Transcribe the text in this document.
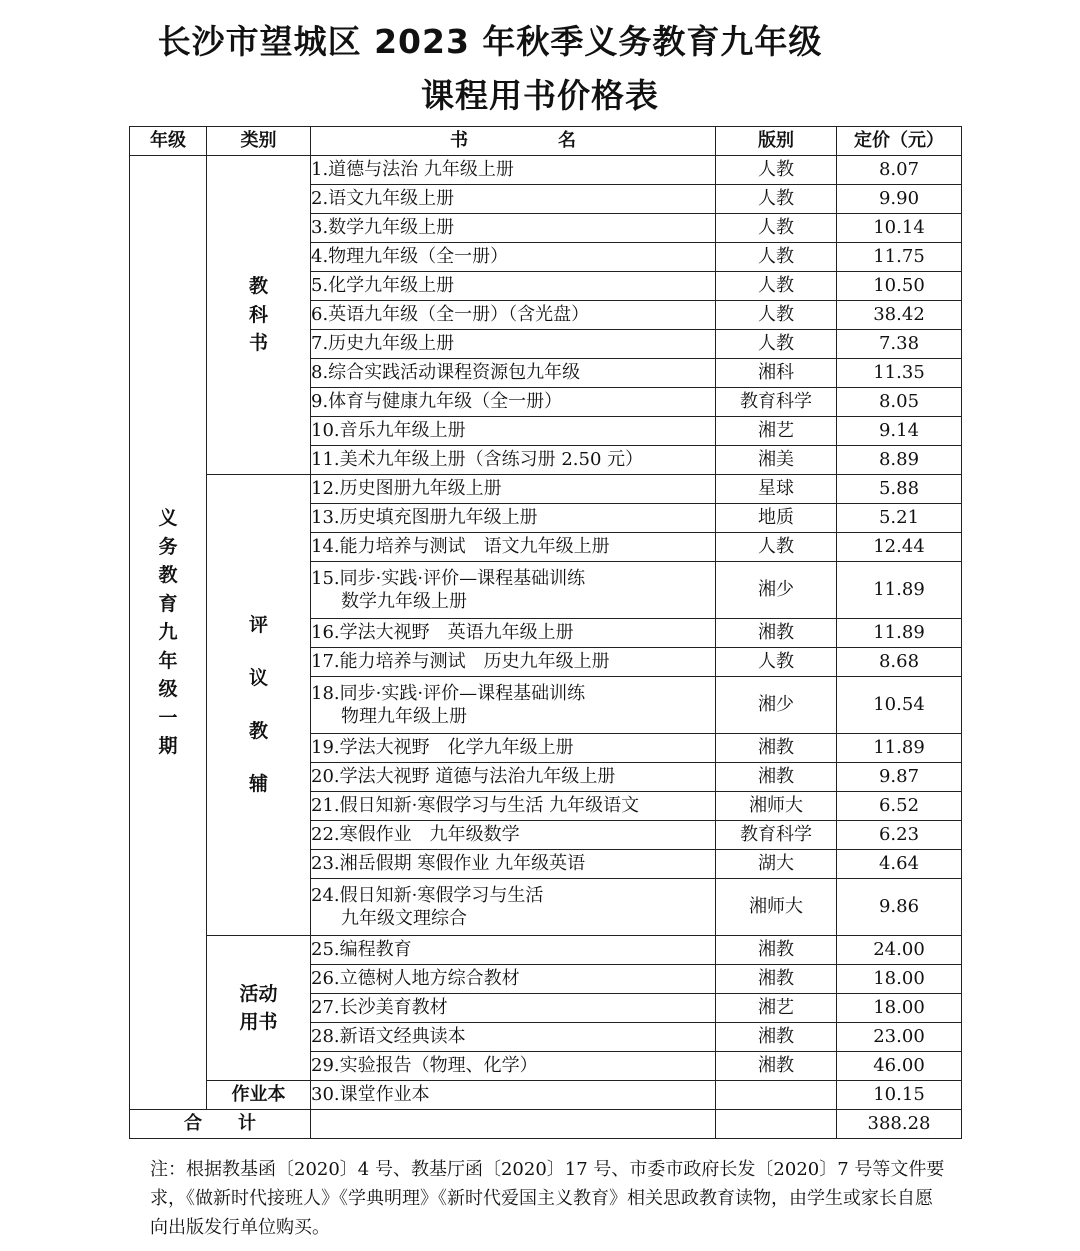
长沙市望城区 2023 年秋季义务教育九年级
课程用书价格表
年级	类别	书　　　　　名	版别	定价（元）
义务教育九年级一期	教科书	1.道德与法治 九年级上册	人教	8.07
		2.语文九年级上册	人教	9.90
		3.数学九年级上册	人教	10.14
		4.物理九年级（全一册）	人教	11.75
		5.化学九年级上册	人教	10.50
		6.英语九年级（全一册）（含光盘）	人教	38.42
		7.历史九年级上册	人教	7.38
		8.综合实践活动课程资源包九年级	湘科	11.35
		9.体育与健康九年级（全一册）	教育科学	8.05
		10.音乐九年级上册	湘艺	9.14
		11.美术九年级上册（含练习册 2.50 元）	湘美	8.89
	评议教辅	12.历史图册九年级上册	星球	5.88
		13.历史填充图册九年级上册	地质	5.21
		14.能力培养与测试　语文九年级上册	人教	12.44
		15.同步·实践·评价—课程基础训练
数学九年级上册	湘少	11.89
		16.学法大视野　英语九年级上册	湘教	11.89
		17.能力培养与测试　历史九年级上册	人教	8.68
		18.同步·实践·评价—课程基础训练
物理九年级上册	湘少	10.54
		19.学法大视野　化学九年级上册	湘教	11.89
		20.学法大视野 道德与法治九年级上册	湘教	9.87
		21.假日知新·寒假学习与生活 九年级语文	湘师大	6.52
		22.寒假作业　九年级数学	教育科学	6.23
		23.湘岳假期 寒假作业 九年级英语	湖大	4.64
		24.假日知新·寒假学习与生活
九年级文理综合	湘师大	9.86
	活动用书	25.编程教育	湘教	24.00
		26.立德树人地方综合教材	湘教	18.00
		27.长沙美育教材	湘艺	18.00
		28.新语文经典读本	湘教	23.00
		29.实验报告（物理、化学）	湘教	46.00
	作业本	30.课堂作业本		10.15
合　　计				388.28

注：根据教基函〔2020〕4 号、教基厅函〔2020〕17 号、市委市政府长发〔2020〕7 号等文件要求，《做新时代接班人》《学典明理》《新时代爱国主义教育》相关思政教育读物，由学生或家长自愿向出版发行单位购买。
